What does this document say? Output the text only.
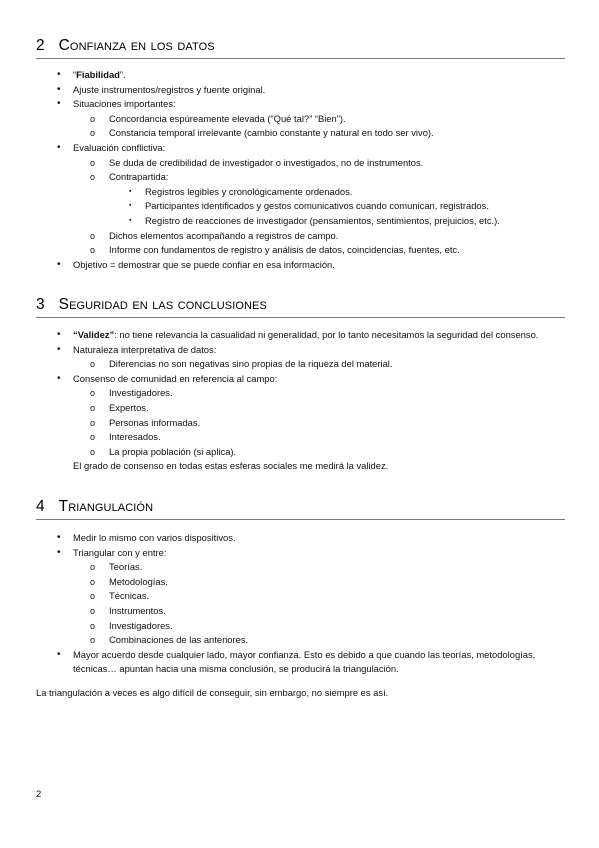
2 Confianza en los datos
• “Fiabilidad”.
• Ajuste instrumentos/registros y fuente original.
• Situaciones importantes:
o Concordancia espúreamente elevada (“Qué tal?” “Bien”).
o Constancia temporal irrelevante (cambio constante y natural en todo ser vivo).
• Evaluación conflictiva:
o Se duda de credibilidad de investigador o investigados, no de instrumentos.
o Contrapartida:
▪ Registros legibles y cronológicamente ordenados.
▪ Participantes identificados y gestos comunicativos cuando comunican, registrados.
▪ Registro de reacciones de investigador (pensamientos, sentimientos, prejuicios, etc.).
o Dichos elementos acompañando a registros de campo.
o Informe con fundamentos de registro y análisis de datos, coincidencias, fuentes, etc.
• Objetivo = demostrar que se puede confiar en esa información.
3 Seguridad en las conclusiones
• “Validez”: no tiene relevancia la casualidad ni generalidad, por lo tanto necesitamos la seguridad del consenso.
• Naturaleza interpretativa de datos:
o Diferencias no son negativas sino propias de la riqueza del material.
• Consenso de comunidad en referencia al campo:
o Investigadores.
o Expertos.
o Personas informadas.
o Interesados.
o La propia población (si aplica).
El grado de consenso en todas estas esferas sociales me medirá la validez.
4 Triangulación
• Medir lo mismo con varios dispositivos.
• Triangular con y entre:
o Teorías.
o Metodologías.
o Técnicas.
o Instrumentos.
o Investigadores.
o Combinaciones de las anteriores.
• Mayor acuerdo desde cualquier lado, mayor confianza. Esto es debido a que cuando las teorías, metodologías, técnicas… apuntan hacia una misma conclusión, se producirá la triangulación.
La triangulación a veces es algo difícil de conseguir, sin embargo, no siempre es así.
2
